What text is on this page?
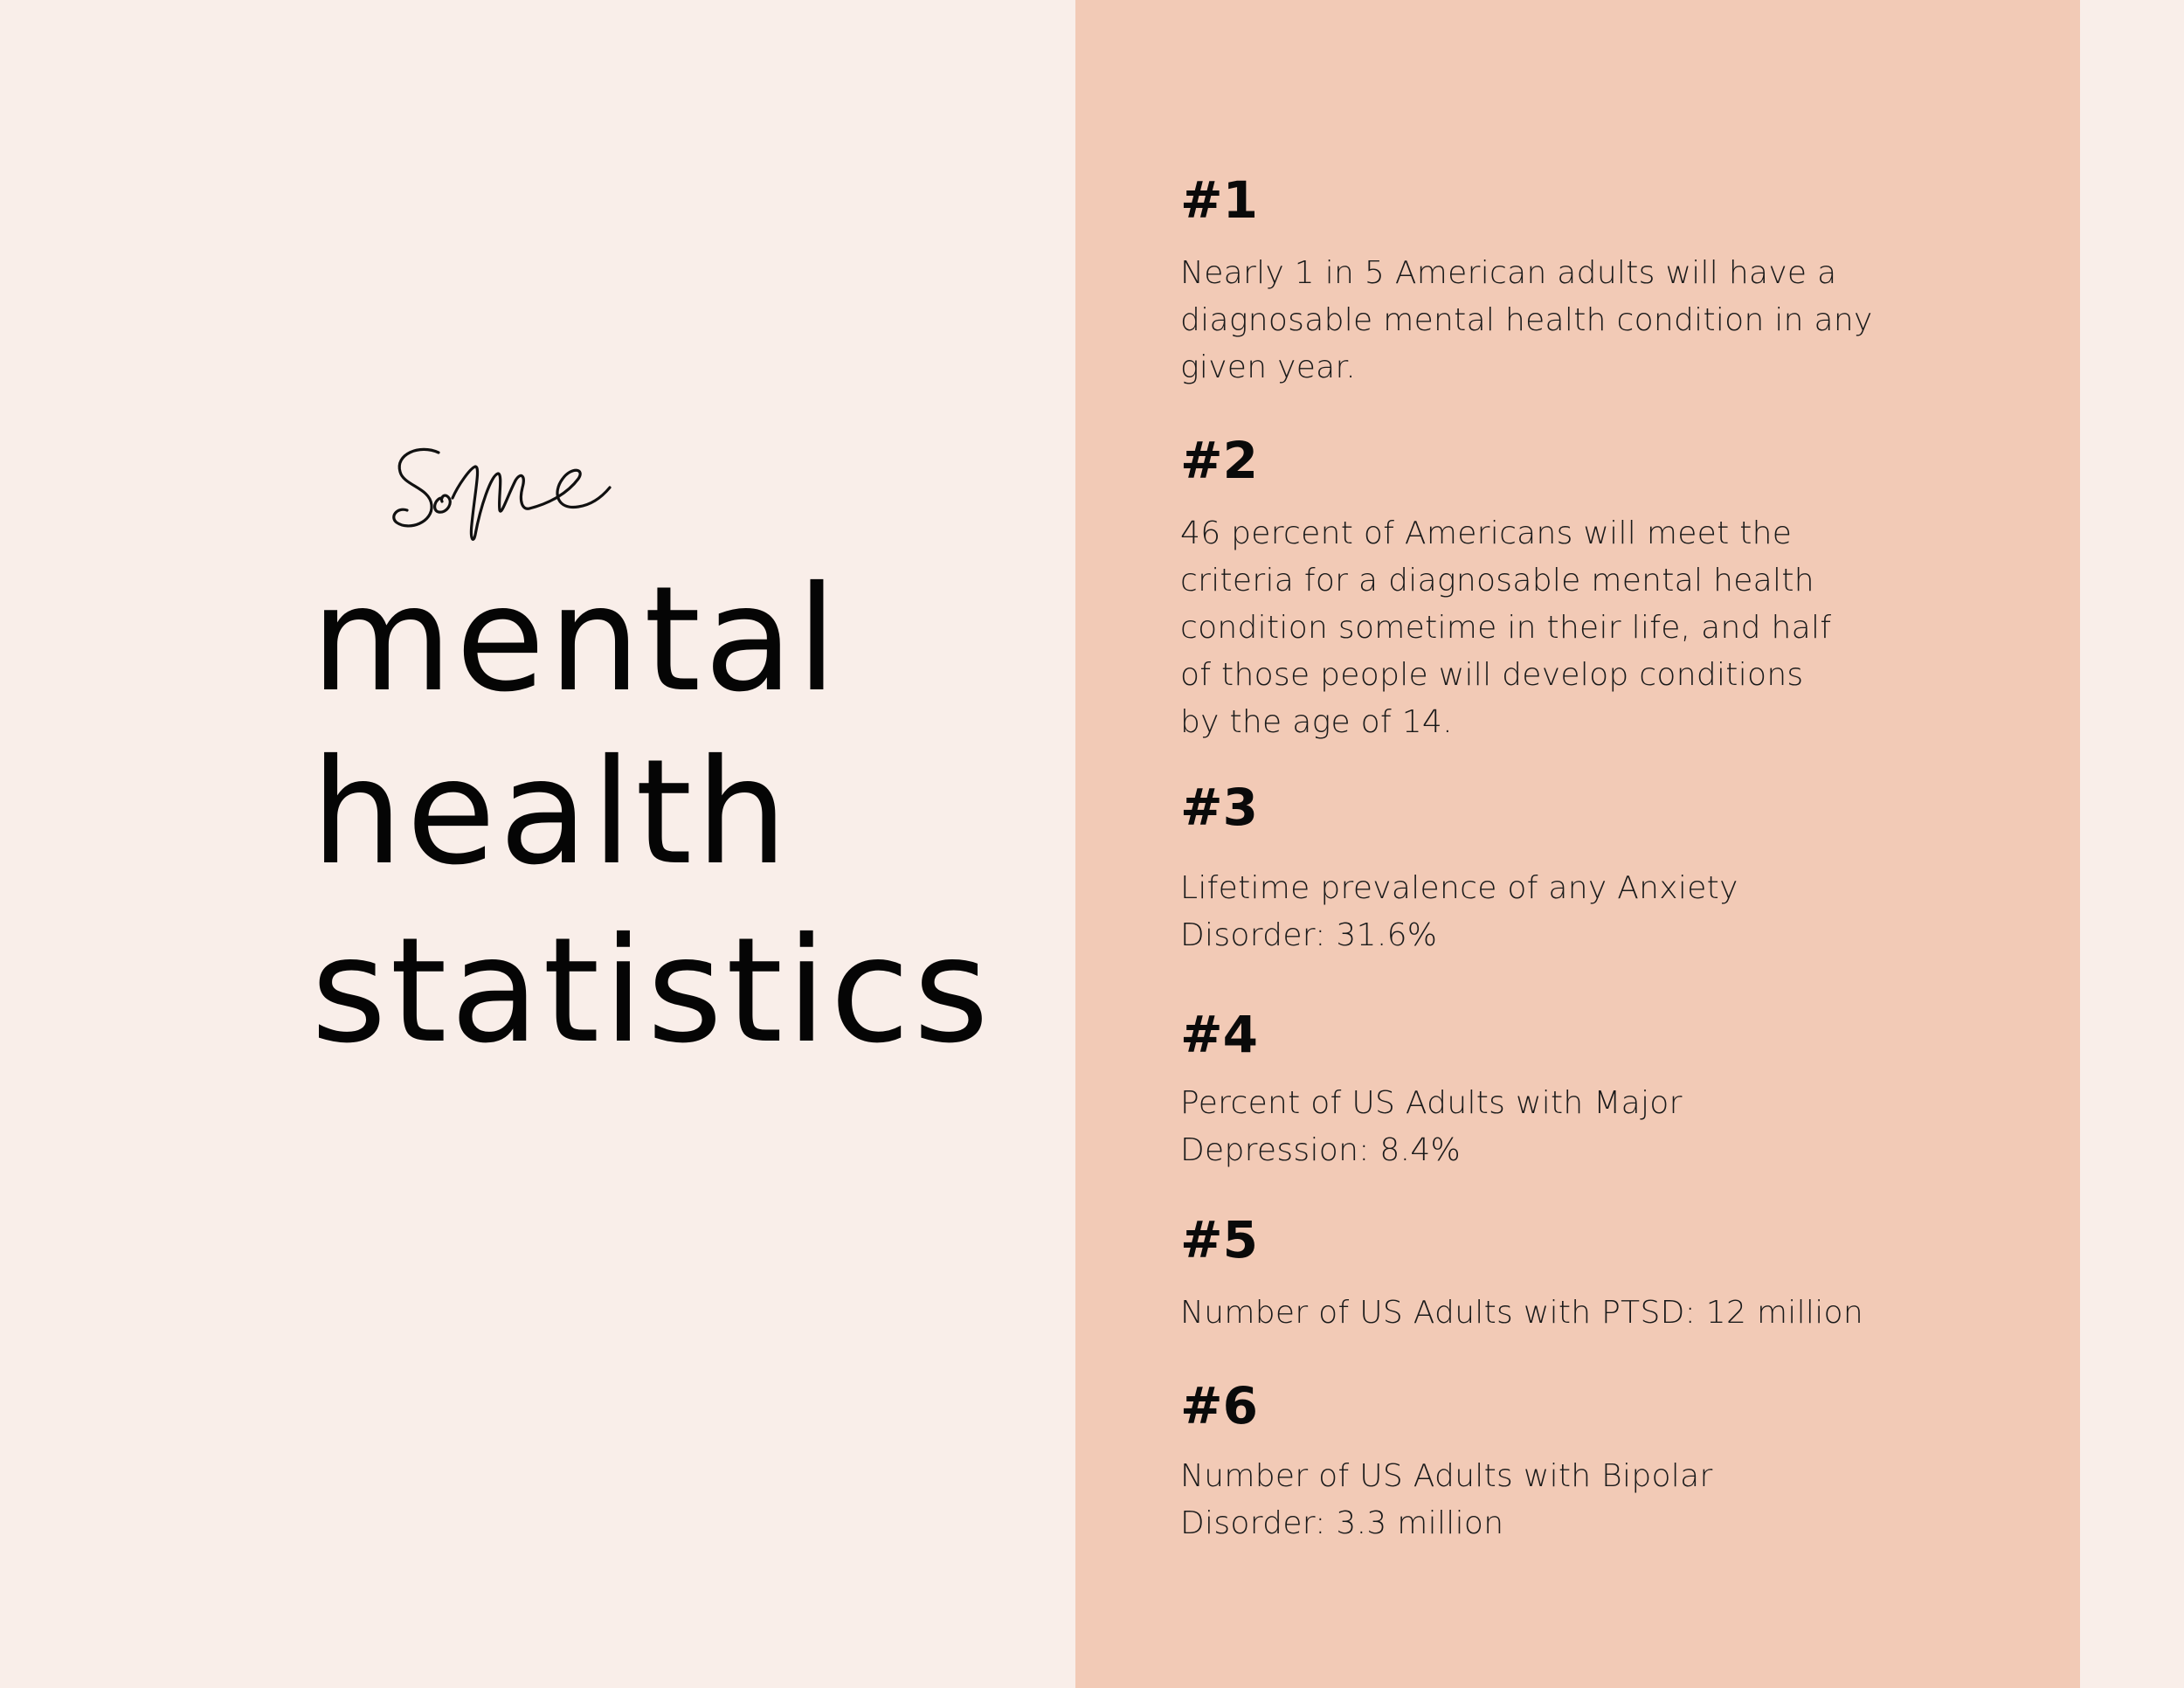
mental
health
statistics
#1
Nearly 1 in 5 American adults will have a
diagnosable mental health condition in any
given year.
#2
46 percent of Americans will meet the
criteria for a diagnosable mental health
condition sometime in their life, and half
of those people will develop conditions
by the age of 14.
#3
Lifetime prevalence of any Anxiety
Disorder: 31.6%
#4
Percent of US Adults with Major
Depression: 8.4%
#5
Number of US Adults with PTSD: 12 million
#6
Number of US Adults with Bipolar
Disorder: 3.3 million
